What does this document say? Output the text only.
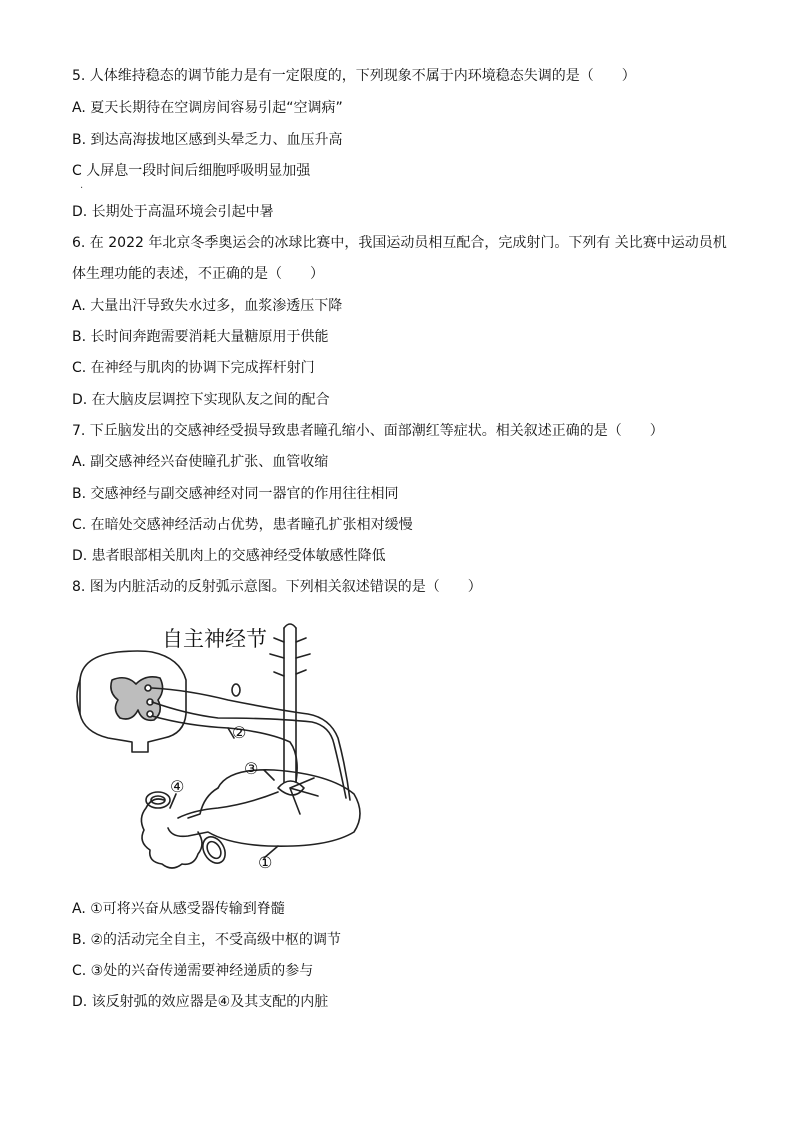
5. 人体维持稳态的调节能力是有一定限度的，下列现象不属于内环境稳态失调的是（　　）
A. 夏天长期待在空调房间容易引起“空调病”
B. 到达高海拔地区感到头晕乏力、血压升高
C 人屏息一段时间后细胞呼吸明显加强
·
D. 长期处于高温环境会引起中暑
6. 在 2022 年北京冬季奥运会的冰球比赛中，我国运动员相互配合，完成射门。下列有 关比赛中运动员机
体生理功能的表述，不正确的是（　　）
A. 大量出汗导致失水过多，血浆渗透压下降
B. 长时间奔跑需要消耗大量糖原用于供能
C. 在神经与肌肉的协调下完成挥杆射门
D. 在大脑皮层调控下实现队友之间的配合
7. 下丘脑发出的交感神经受损导致患者瞳孔缩小、面部潮红等症状。相关叙述正确的是（　　）
A. 副交感神经兴奋使瞳孔扩张、血管收缩
B. 交感神经与副交感神经对同一器官的作用往往相同
C. 在暗处交感神经活动占优势，患者瞳孔扩张相对缓慢
D. 患者眼部相关肌肉上的交感神经受体敏感性降低
8. 图为内脏活动的反射弧示意图。下列相关叙述错误的是（　　）
自主神经节
②
③
④
①
A. ①可将兴奋从感受器传输到脊髓
B. ②的活动完全自主，不受高级中枢的调节
C. ③处的兴奋传递需要神经递质的参与
D. 该反射弧的效应器是④及其支配的内脏
